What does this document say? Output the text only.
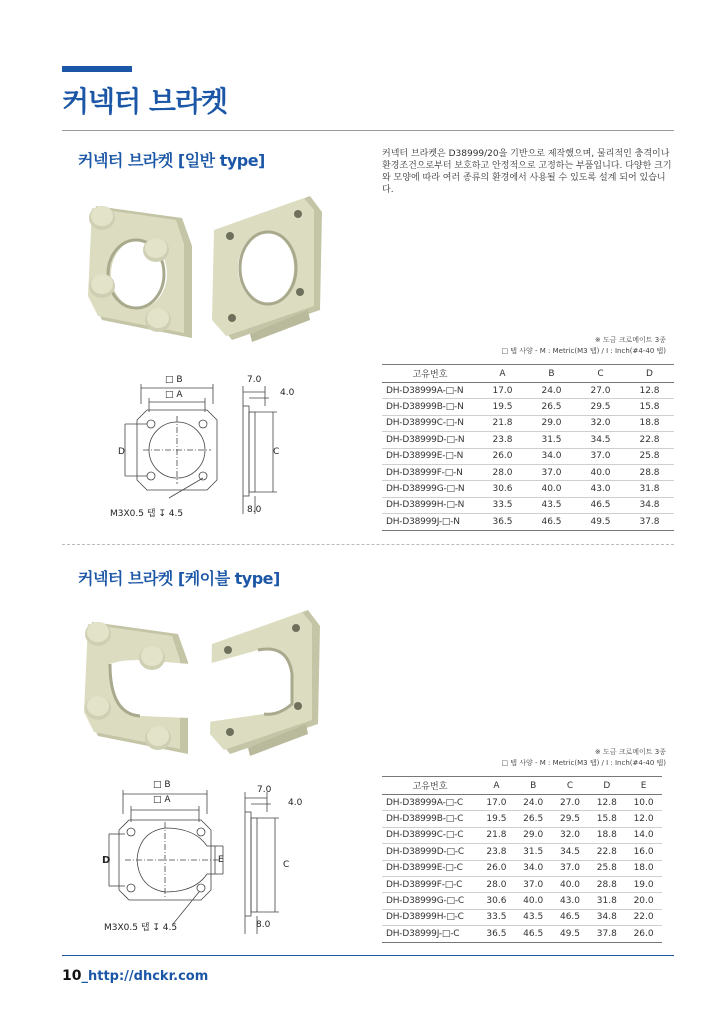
커넥터 브라켓
커넥터 브라켓 [일반 type]	커넥터 브라켓은 D38999/20을 기반으로 제작했으며, 물리적인 충격이나 환경조건으로부터 보호하고 안정적으로 고정하는 부품입니다. 다양한 크기와 모양에 따라 여러 종류의 환경에서 사용될 수 있도록 설계 되어 있습니다.
□ B
□ A
D	C
7.0
4.0
8.0
M3X0.5 탭 ↧ 4.5
※ 도금 크로메이트 3종
□ 탭 사양 - M : Metric(M3 탭) / I : Inch(#4-40 탭)
고유번호	A	B	C	D
DH-D38999A-□-N	17.0	24.0	27.0	12.8
DH-D38999B-□-N	19.5	26.5	29.5	15.8
DH-D38999C-□-N	21.8	29.0	32.0	18.8
DH-D38999D-□-N	23.8	31.5	34.5	22.8
DH-D38999E-□-N	26.0	34.0	37.0	25.8
DH-D38999F-□-N	28.0	37.0	40.0	28.8
DH-D38999G-□-N	30.6	40.0	43.0	31.8
DH-D38999H-□-N	33.5	43.5	46.5	34.8
DH-D38999J-□-N	36.5	46.5	49.5	37.8
커넥터 브라켓 [케이블 type]
□ B
□ A
D	E	C
7.0
4.0
8.0
M3X0.5 탭 ↧ 4.5
※ 도금 크로메이트 3종
□ 탭 사양 - M : Metric(M3 탭) / I : Inch(#4-40 탭)
고유번호	A	B	C	D	E
DH-D38999A-□-C	17.0	24.0	27.0	12.8	10.0
DH-D38999B-□-C	19.5	26.5	29.5	15.8	12.0
DH-D38999C-□-C	21.8	29.0	32.0	18.8	14.0
DH-D38999D-□-C	23.8	31.5	34.5	22.8	16.0
DH-D38999E-□-C	26.0	34.0	37.0	25.8	18.0
DH-D38999F-□-C	28.0	37.0	40.0	28.8	19.0
DH-D38999G-□-C	30.6	40.0	43.0	31.8	20.0
DH-D38999H-□-C	33.5	43.5	46.5	34.8	22.0
DH-D38999J-□-C	36.5	46.5	49.5	37.8	26.0
10_http://dhckr.com
